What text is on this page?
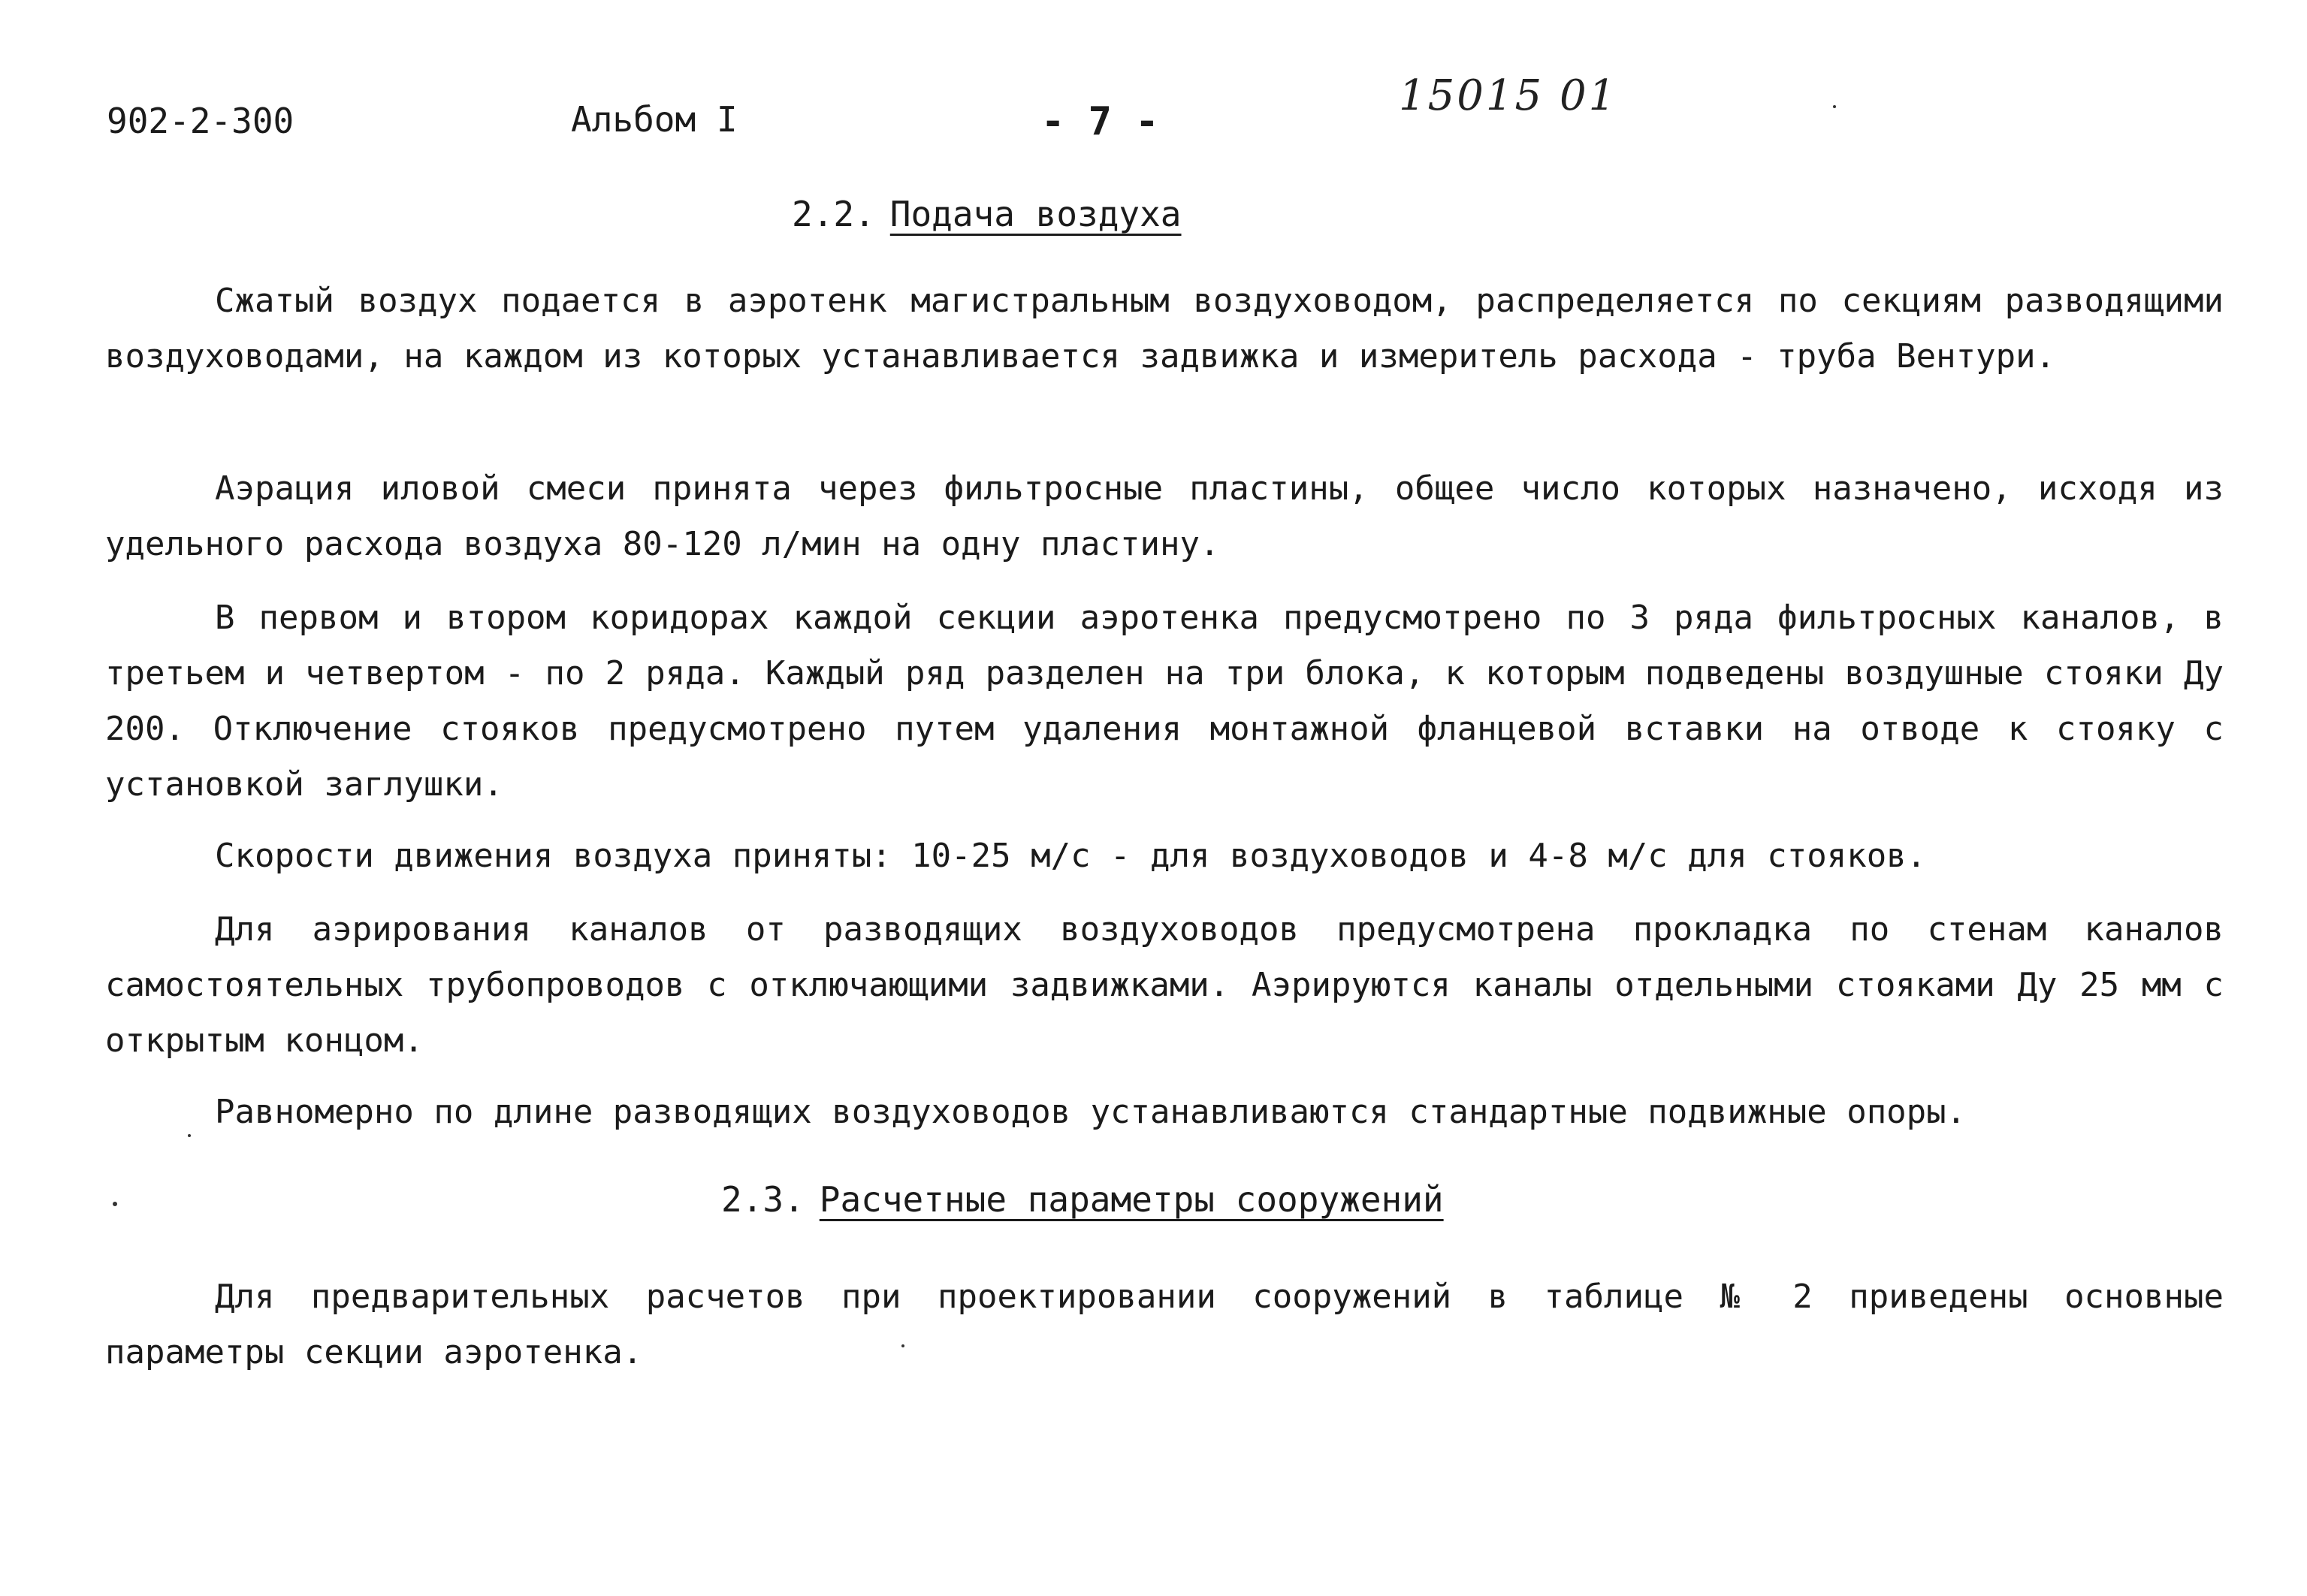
902-2-300	Альбом I	- 7 -
15015 01
2.2. Подача воздуха

Сжатый воздух подается в аэротенк магистральным воздуховодом, распределяется по секциям разводящими воздуховодами, на каждом из которых устанавливается задвижка и измеритель расхода - труба Вентури.

Аэрация иловой смеси принята через фильтросные пластины, общее число которых назначено, исходя из удельного расхода воздуха 80-120 л/мин на одну пластину.

В первом и втором коридорах каждой секции аэротенка предусмотрено по 3 ряда фильтросных каналов, в третьем и четвертом - по 2 ряда. Каждый ряд разделен на три блока, к которым подведены воздушные стояки Ду 200. Отключение стояков предусмотрено путем удаления монтажной фланцевой вставки на отводе к стояку с установкой заглушки.

Скорости движения воздуха приняты: 10-25 м/с - для воздуховодов и 4-8 м/с для стояков.

Для аэрирования каналов от разводящих воздуховодов предусмотрена прокладка по стенам каналов самостоятельных трубопроводов с отключающими задвижками. Аэрируются каналы отдельными стояками Ду 25 мм с открытым концом.

Равномерно по длине разводящих воздуховодов устанавливаются стандартные подвижные опоры.

2.3. Расчетные параметры сооружений

Для предварительных расчетов при проектировании сооружений в таблице № 2 приведены основные параметры секции аэротенка.
